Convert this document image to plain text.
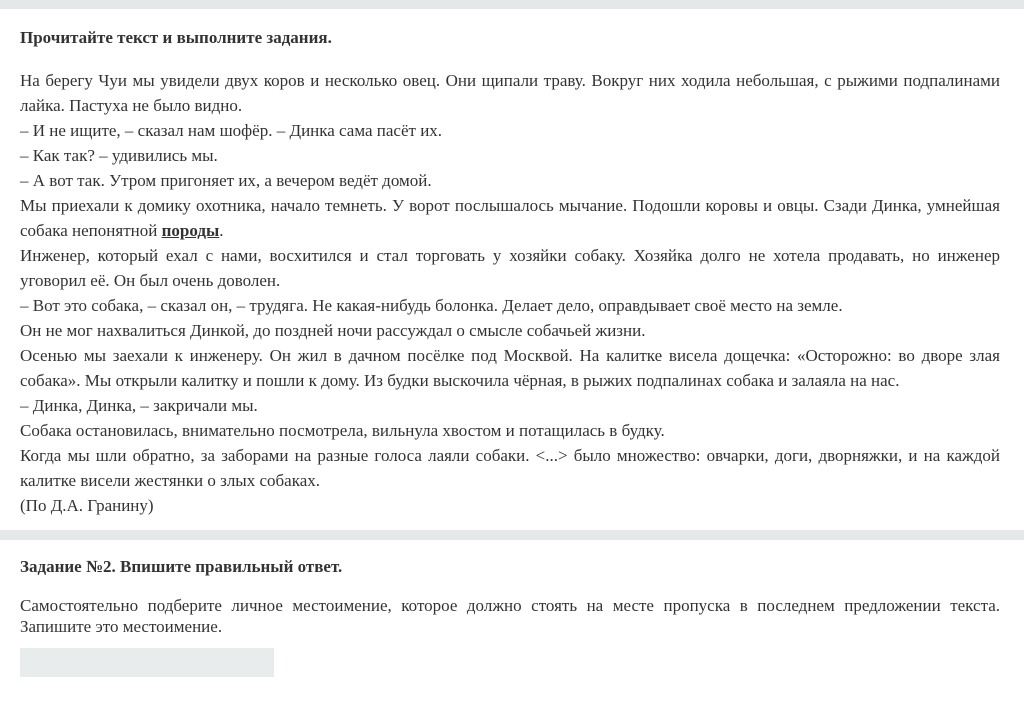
Прочитайте текст и выполните задания.

На берегу Чуи мы увидели двух коров и несколько овец. Они щипали траву. Вокруг них ходила небольшая, с рыжими подпалинами лайка. Пастуха не было видно.

– И не ищите, – сказал нам шофёр. – Динка сама пасёт их.

– Как так? – удивились мы.

– А вот так. Утром пригоняет их, а вечером ведёт домой.

Мы приехали к домику охотника, начало темнеть. У ворот послышалось мычание. Подошли коровы и овцы. Сзади Динка, умнейшая собака непонятной породы.

Инженер, который ехал с нами, восхитился и стал торговать у хозяйки собаку. Хозяйка долго не хотела продавать, но инженер уговорил её. Он был очень доволен.

– Вот это собака, – сказал он, – трудяга. Не какая-нибудь болонка. Делает дело, оправдывает своё место на земле.

Он не мог нахвалиться Динкой, до поздней ночи рассуждал о смысле собачьей жизни.

Осенью мы заехали к инженеру. Он жил в дачном посёлке под Москвой. На калитке висела дощечка: «Осторожно: во дворе злая собака». Мы открыли калитку и пошли к дому. Из будки выскочила чёрная, в рыжих подпалинах собака и залаяла на нас.

– Динка, Динка, – закричали мы.

Собака остановилась, внимательно посмотрела, вильнула хвостом и потащилась в будку.

Когда мы шли обратно, за заборами на разные голоса лаяли собаки. <...> было множество: овчарки, доги, дворняжки, и на каждой калитке висели жестянки о злых собаках.

(По Д.А. Гранину)

Задание №2. Впишите правильный ответ.

Самостоятельно подберите личное местоимение, которое должно стоять на месте пропуска в последнем предложении текста. Запишите это местоимение.
